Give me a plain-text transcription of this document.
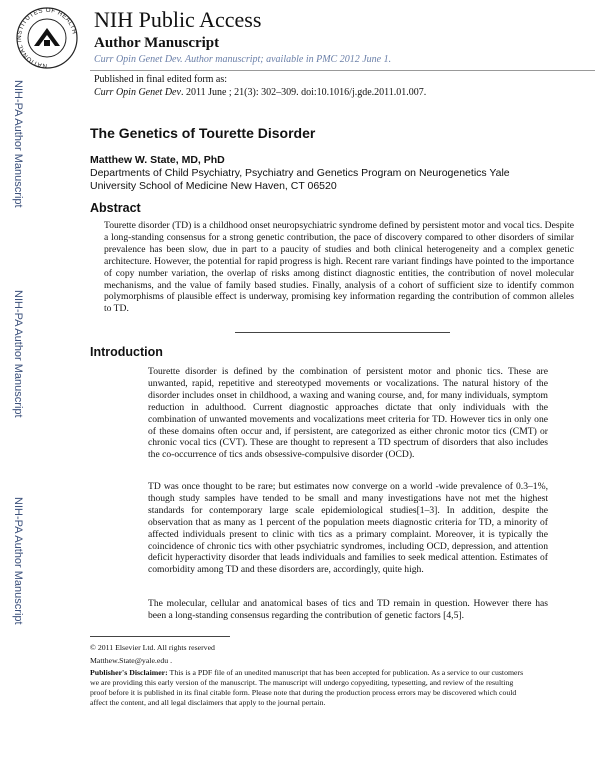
NATIONAL INSTITUTES OF HEALTH NIH Public Access
Author Manuscript
Curr Opin Genet Dev. Author manuscript; available in PMC 2012 June 1.
Published in final edited form as:
Curr Opin Genet Dev. 2011 June ; 21(3): 302–309. doi:10.1016/j.gde.2011.01.007.
NIH-PA Author Manuscript
NIH-PA Author Manuscript
NIH-PA Author Manuscript
The Genetics of Tourette Disorder
Matthew W. State, MD, PhD
Departments of Child Psychiatry, Psychiatry and Genetics Program on Neurogenetics Yale University School of Medicine New Haven, CT 06520
Abstract
Tourette disorder (TD) is a childhood onset neuropsychiatric syndrome defined by persistent motor and vocal tics. Despite a long-standing consensus for a strong genetic contribution, the pace of discovery compared to other disorders of similar prevalence has been slow, due in part to a paucity of studies and both clinical heterogeneity and a complex genetic architecture. However, the potential for rapid progress is high. Recent rare variant findings have pointed to the importance of copy number variation, the overlap of risks among distinct diagnostic entities, the contribution of novel molecular mechanisms, and the value of family based studies. Finally, analysis of a cohort of sufficient size to identify common polymorphisms of plausible effect is underway, promising key information regarding the contribution of common alleles to TD.
Introduction
Tourette disorder is defined by the combination of persistent motor and phonic tics. These are unwanted, rapid, repetitive and stereotyped movements or vocalizations. The natural history of the disorder includes onset in childhood, a waxing and waning course, and, for many individuals, symptom reduction in adulthood. Current diagnostic approaches dictate that only individuals with the combination of unwanted movements and vocalizations meet criteria for TD. However tics in only one of these domains often occur and, if persistent, are categorized as either chronic motor tics (CMT) or chronic vocal tics (CVT). These are thought to represent a TD spectrum of disorders that also includes the co-occurrence of tics ands obsessive-compulsive disorder (OCD).
TD was once thought to be rare; but estimates now converge on a world -wide prevalence of 0.3–1%, though study samples have tended to be small and many investigations have not met the highest standards for contemporary large scale epidemiological studies[1–3]. In addition, despite the observation that as many as 1 percent of the population meets diagnostic criteria for TD, a minority of affected individuals present to clinic with tics as a primary complaint. Moreover, it is typically the coincidence of chronic tics with other psychiatric syndromes, including OCD, depression, and attention deficit hyperactivity disorder that leads individuals and families to seek medical attention. Estimates of comorbidity among TD and these disorders are, accordingly, quite high.
The molecular, cellular and anatomical bases of tics and TD remain in question. However there has been a long-standing consensus regarding the contribution of genetic factors [4,5].
© 2011 Elsevier Ltd. All rights reserved
Matthew.State@yale.edu .
Publisher's Disclaimer: This is a PDF file of an unedited manuscript that has been accepted for publication. As a service to our customers we are providing this early version of the manuscript. The manuscript will undergo copyediting, typesetting, and review of the resulting proof before it is published in its final citable form. Please note that during the production process errors may be discovered which could affect the content, and all legal disclaimers that apply to the journal pertain.
